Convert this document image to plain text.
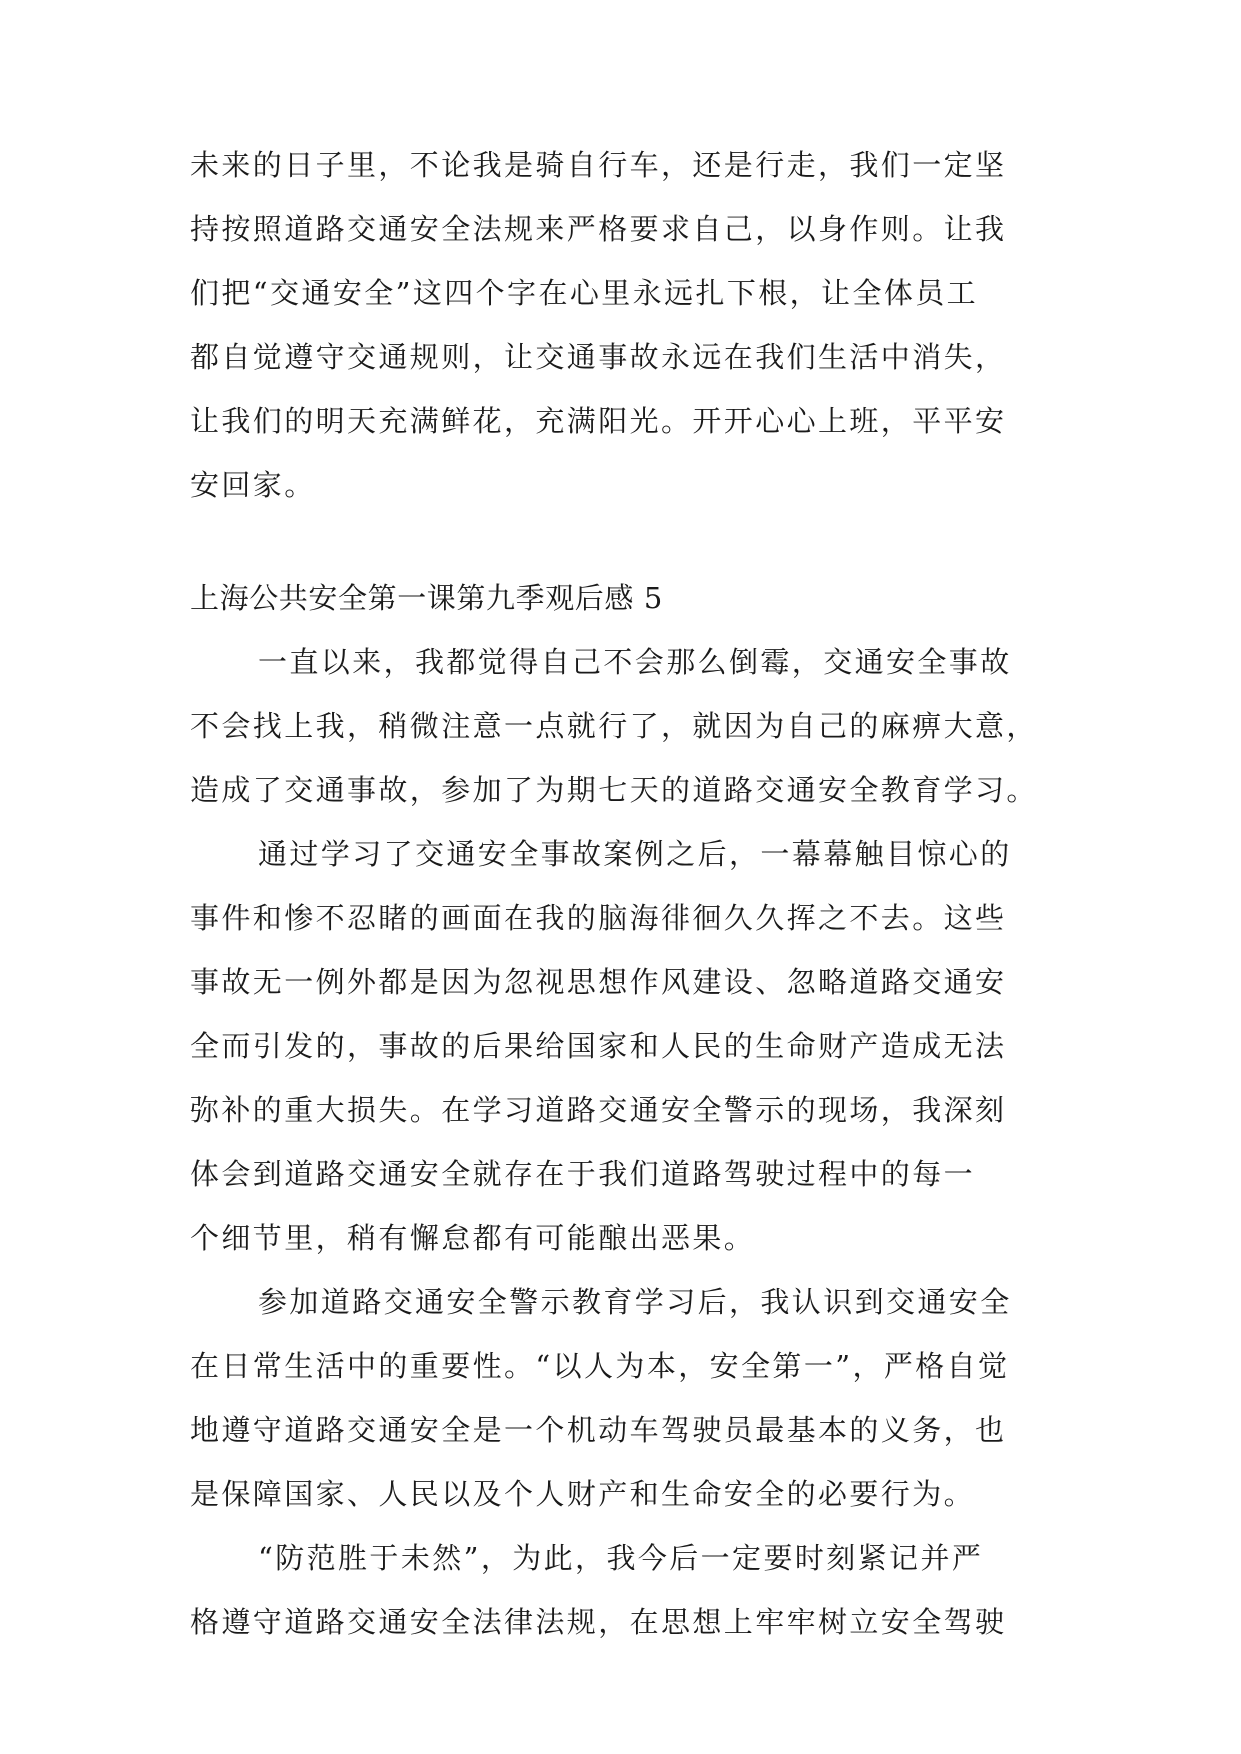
未来的日子里，不论我是骑自行车，还是行走，我们一定坚
持按照道路交通安全法规来严格要求自己，以身作则。让我
们把“交通安全”这四个字在心里永远扎下根，让全体员工
都自觉遵守交通规则，让交通事故永远在我们生活中消失，
让我们的明天充满鲜花，充满阳光。开开心心上班，平平安
安回家。
上海公共安全第一课第九季观后感 5
一直以来，我都觉得自己不会那么倒霉，交通安全事故
不会找上我，稍微注意一点就行了，就因为自己的麻痹大意，
造成了交通事故，参加了为期七天的道路交通安全教育学习。
通过学习了交通安全事故案例之后，一幕幕触目惊心的
事件和惨不忍睹的画面在我的脑海徘徊久久挥之不去。这些
事故无一例外都是因为忽视思想作风建设、忽略道路交通安
全而引发的，事故的后果给国家和人民的生命财产造成无法
弥补的重大损失。在学习道路交通安全警示的现场，我深刻
体会到道路交通安全就存在于我们道路驾驶过程中的每一
个细节里，稍有懈怠都有可能酿出恶果。
参加道路交通安全警示教育学习后，我认识到交通安全
在日常生活中的重要性。“以人为本，安全第一”，严格自觉
地遵守道路交通安全是一个机动车驾驶员最基本的义务，也
是保障国家、人民以及个人财产和生命安全的必要行为。
“防范胜于未然”，为此，我今后一定要时刻紧记并严
格遵守道路交通安全法律法规，在思想上牢牢树立安全驾驶
